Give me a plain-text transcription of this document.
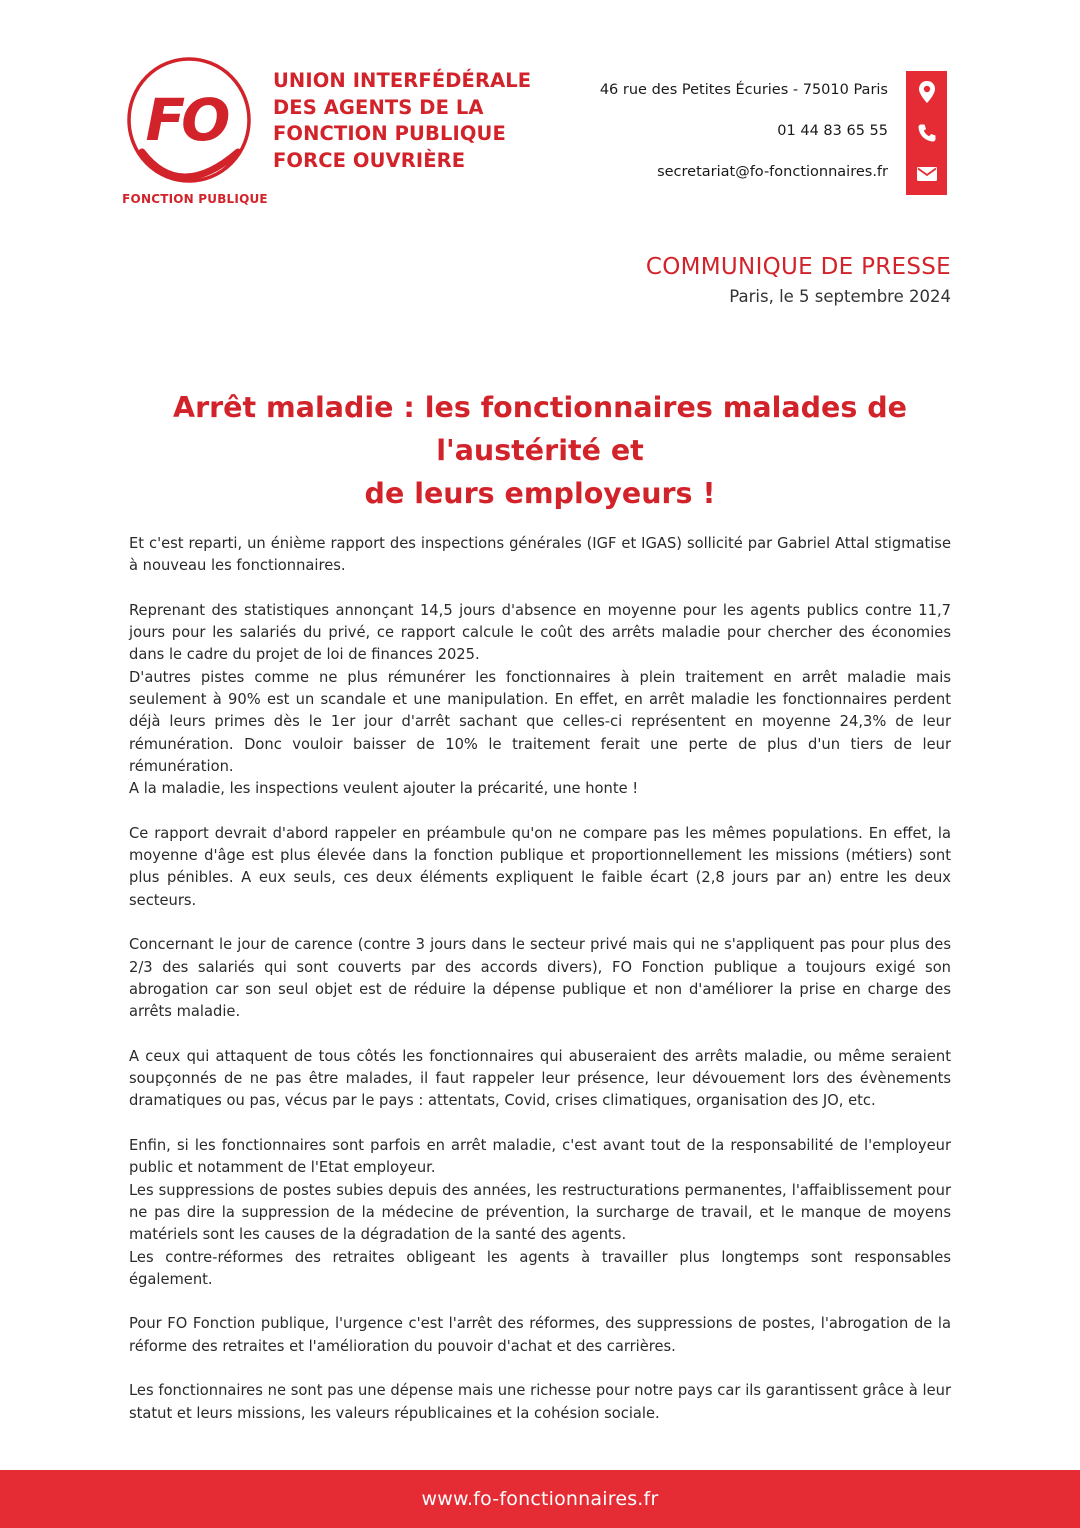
FO
FONCTION PUBLIQUE
UNION INTERFÉDÉRALE
DES AGENTS DE LA
FONCTION PUBLIQUE
FORCE OUVRIÈRE
46 rue des Petites Écuries - 75010 Paris
01 44 83 65 55
secretariat@fo-fonctionnaires.fr
COMMUNIQUE DE PRESSE
Paris, le 5 septembre 2024
Arrêt maladie : les fonctionnaires malades de l'austérité et
de leurs employeurs !

Et c'est reparti, un énième rapport des inspections générales (IGF et IGAS) sollicité par Gabriel Attal stigmatise à nouveau les fonctionnaires.

Reprenant des statistiques annonçant 14,5 jours d'absence en moyenne pour les agents publics contre 11,7 jours pour les salariés du privé, ce rapport calcule le coût des arrêts maladie pour chercher des économies dans le cadre du projet de loi de finances 2025.

D'autres pistes comme ne plus rémunérer les fonctionnaires à plein traitement en arrêt maladie mais seulement à 90% est un scandale et une manipulation. En effet, en arrêt maladie les fonctionnaires perdent déjà leurs primes dès le 1er jour d'arrêt sachant que celles-ci représentent en moyenne 24,3% de leur rémunération. Donc vouloir baisser de 10% le traitement ferait une perte de plus d'un tiers de leur rémunération.

A la maladie, les inspections veulent ajouter la précarité, une honte !

Ce rapport devrait d'abord rappeler en préambule qu'on ne compare pas les mêmes populations. En effet, la moyenne d'âge est plus élevée dans la fonction publique et proportionnellement les missions (métiers) sont plus pénibles. A eux seuls, ces deux éléments expliquent le faible écart (2,8 jours par an) entre les deux secteurs.

Concernant le jour de carence (contre 3 jours dans le secteur privé mais qui ne s'appliquent pas pour plus des 2/3 des salariés qui sont couverts par des accords divers), FO Fonction publique a toujours exigé son abrogation car son seul objet est de réduire la dépense publique et non d'améliorer la prise en charge des arrêts maladie.

A ceux qui attaquent de tous côtés les fonctionnaires qui abuseraient des arrêts maladie, ou même seraient soupçonnés de ne pas être malades, il faut rappeler leur présence, leur dévouement lors des évènements dramatiques ou pas, vécus par le pays : attentats, Covid, crises climatiques, organisation des JO, etc.

Enfin, si les fonctionnaires sont parfois en arrêt maladie, c'est avant tout de la responsabilité de l'employeur public et notamment de l'Etat employeur.

Les suppressions de postes subies depuis des années, les restructurations permanentes, l'affaiblissement pour ne pas dire la suppression de la médecine de prévention, la surcharge de travail, et le manque de moyens matériels sont les causes de la dégradation de la santé des agents.

Les contre-réformes des retraites obligeant les agents à travailler plus longtemps sont responsables également.

Pour FO Fonction publique, l'urgence c'est l'arrêt des réformes, des suppressions de postes, l'abrogation de la réforme des retraites et l'amélioration du pouvoir d'achat et des carrières.

Les fonctionnaires ne sont pas une dépense mais une richesse pour notre pays car ils garantissent grâce à leur statut et leurs missions, les valeurs républicaines et la cohésion sociale.

www.fo-fonctionnaires.fr
